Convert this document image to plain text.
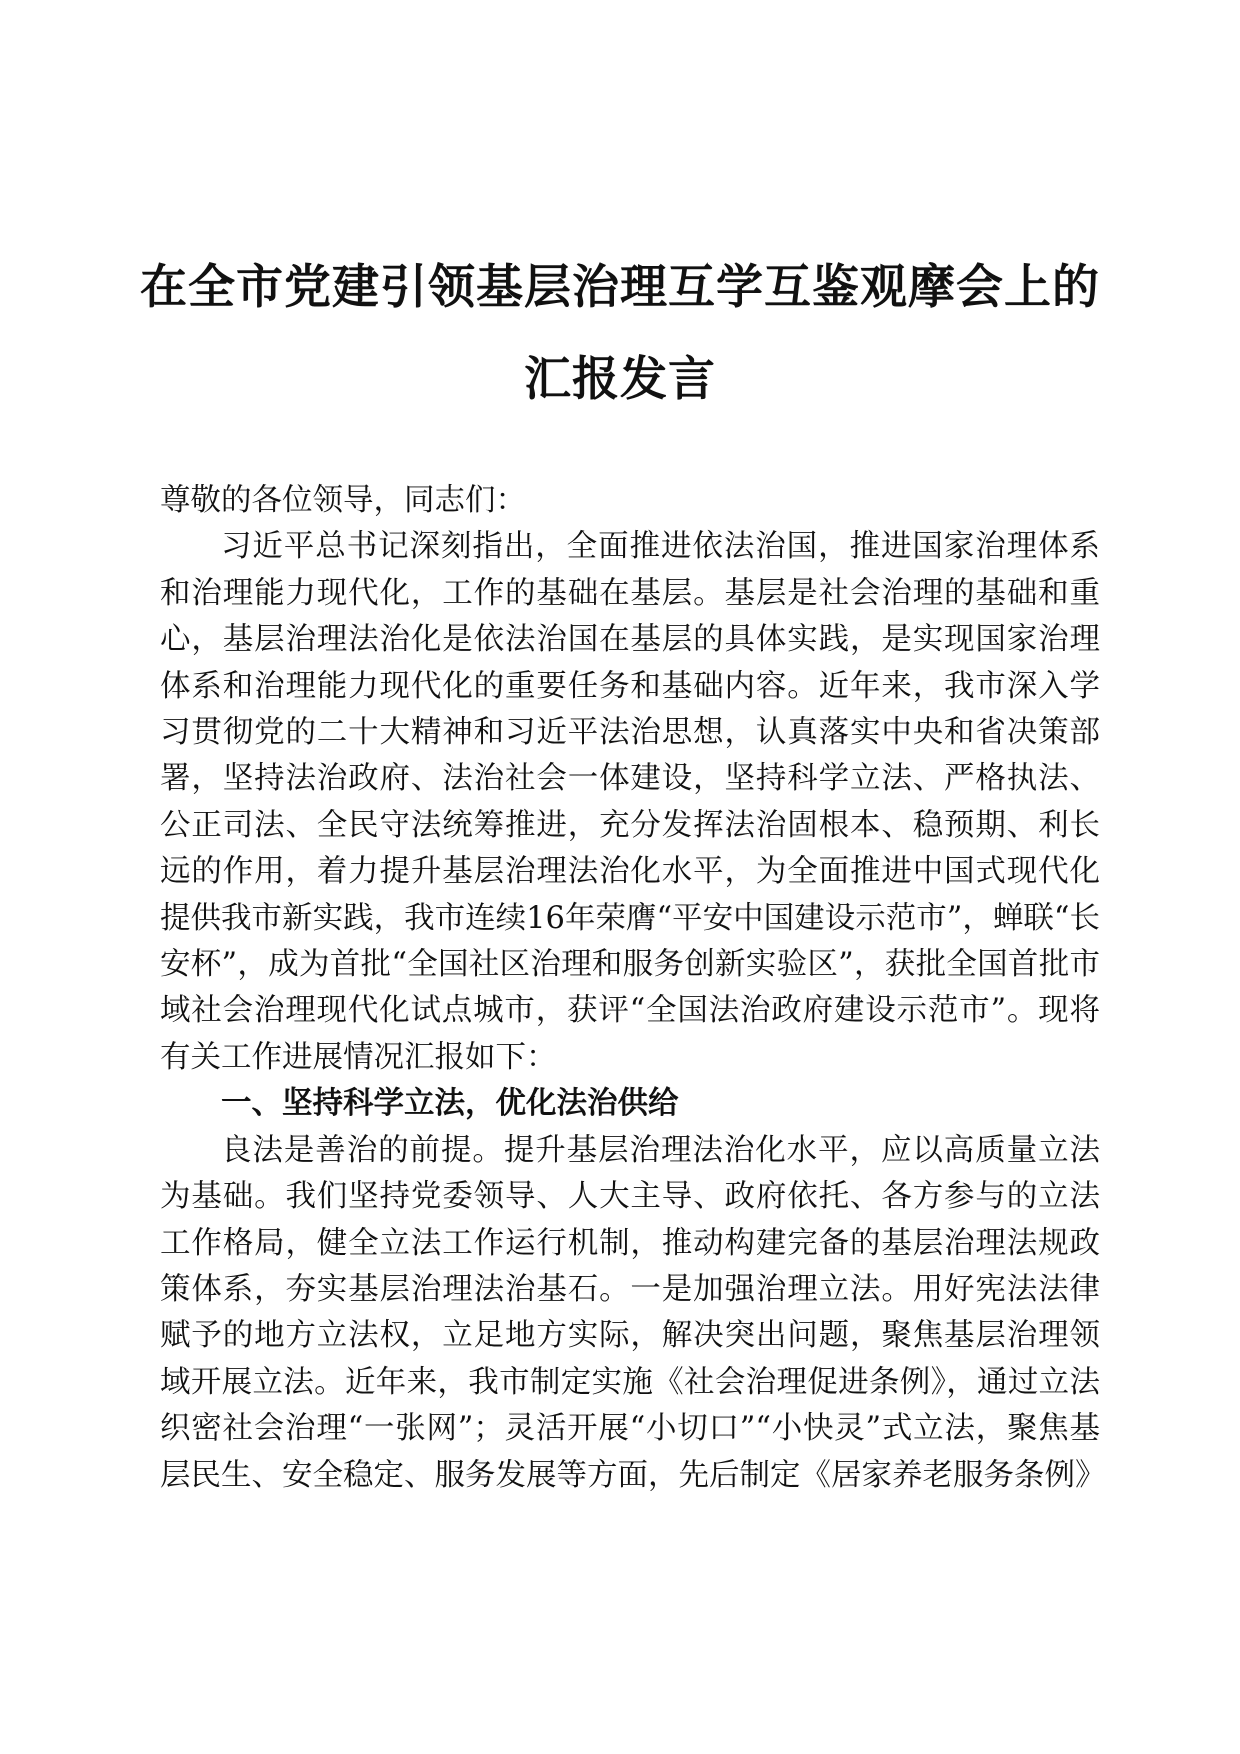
在全市党建引领基层治理互学互鉴观摩会上的
汇报发言

尊敬的各位领导，同志们：

习近平总书记深刻指出，全面推进依法治国，推进国家治理体系和治理能力现代化，工作的基础在基层。基层是社会治理的基础和重心，基层治理法治化是依法治国在基层的具体实践，是实现国家治理体系和治理能力现代化的重要任务和基础内容。近年来，我市深入学习贯彻党的二十大精神和习近平法治思想，认真落实中央和省决策部署，坚持法治政府、法治社会一体建设，坚持科学立法、严格执法、公正司法、全民守法统筹推进，充分发挥法治固根本、稳预期、利长远的作用，着力提升基层治理法治化水平，为全面推进中国式现代化提供我市新实践，我市连续16年荣膺“平安中国建设示范市”，蝉联“长安杯”，成为首批“全国社区治理和服务创新实验区”，获批全国首批市域社会治理现代化试点城市，获评“全国法治政府建设示范市”。现将有关工作进展情况汇报如下：

一、坚持科学立法，优化法治供给

良法是善治的前提。提升基层治理法治化水平，应以高质量立法为基础。我们坚持党委领导、人大主导、政府依托、各方参与的立法工作格局，健全立法工作运行机制，推动构建完备的基层治理法规政策体系，夯实基层治理法治基石。一是加强治理立法。用好宪法法律赋予的地方立法权，立足地方实际，解决突出问题，聚焦基层治理领域开展立法。近年来，我市制定实施《社会治理促进条例》，通过立法织密社会治理“一张网”；灵活开展“小切口”“小快灵”式立法，聚焦基层民生、安全稳定、服务发展等方面，先后制定《居家养老服务条例》
